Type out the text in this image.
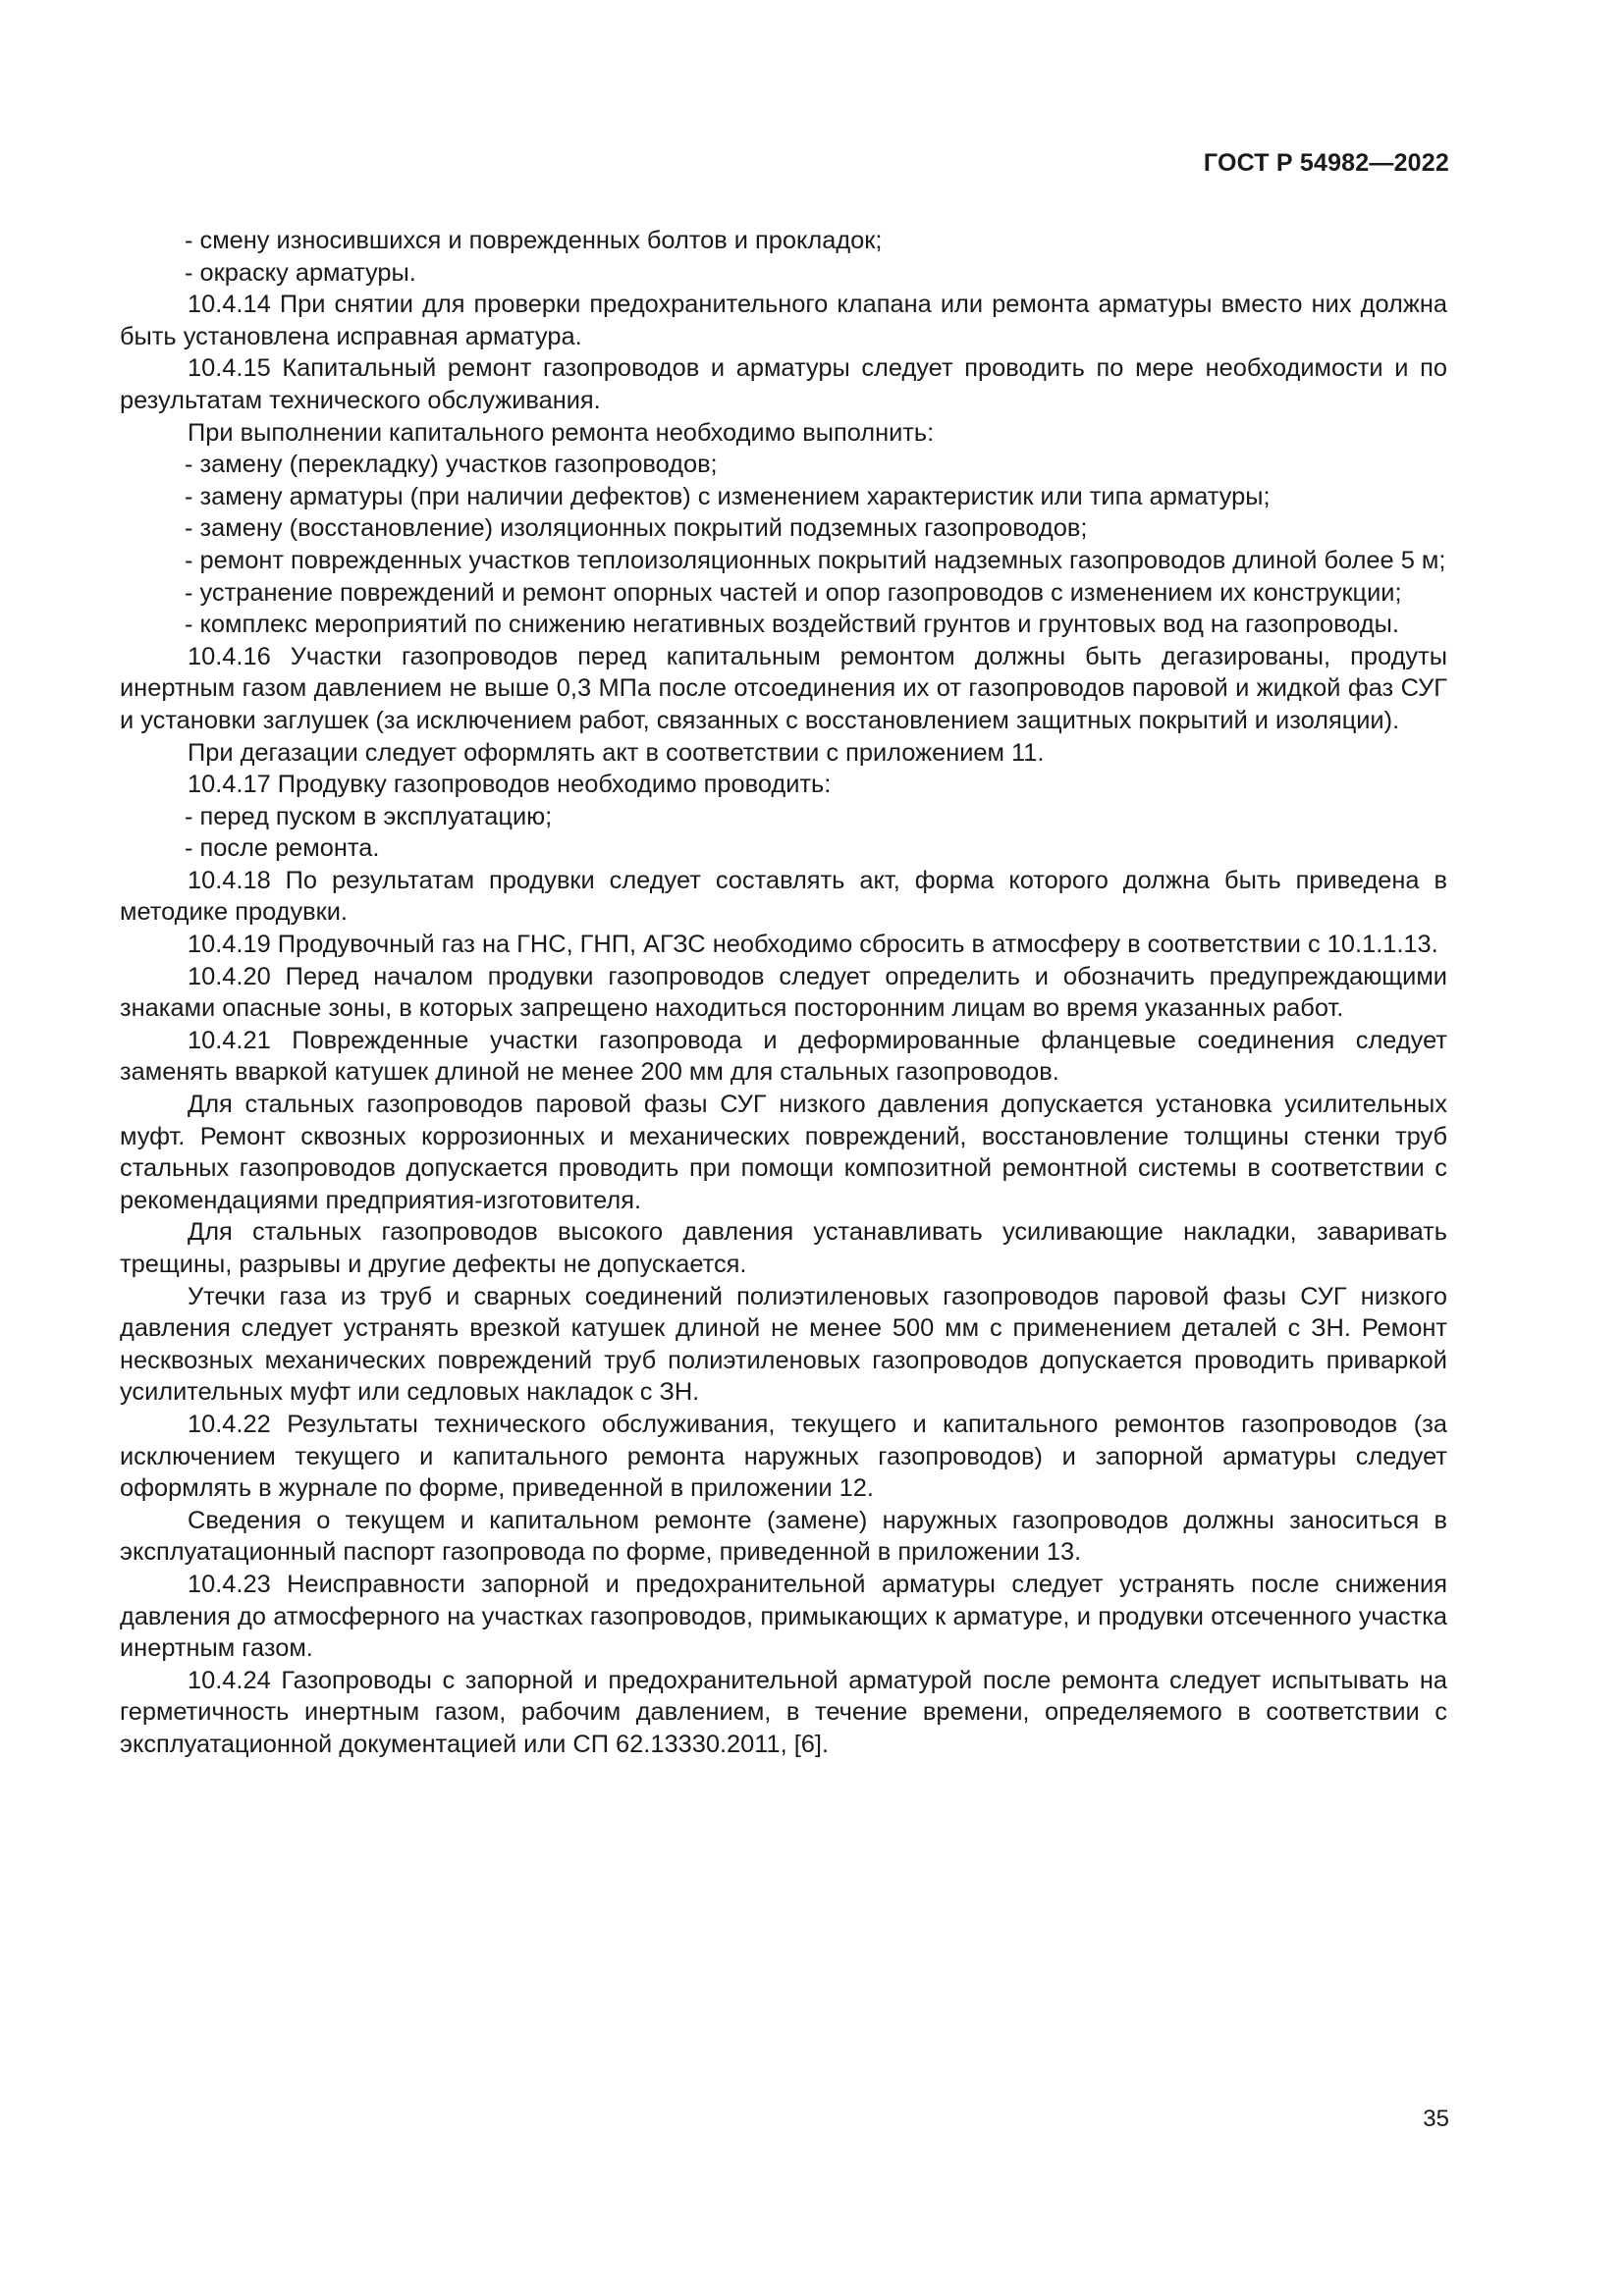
ГОСТ Р 54982—2022

- смену износившихся и поврежденных болтов и прокладок;

- окраску арматуры.

10.4.14 При снятии для проверки предохранительного клапана или ремонта арматуры вместо них должна быть установлена исправная арматура.

10.4.15 Капитальный ремонт газопроводов и арматуры следует проводить по мере необходимости и по результатам технического обслуживания.

При выполнении капитального ремонта необходимо выполнить:

- замену (перекладку) участков газопроводов;

- замену арматуры (при наличии дефектов) с изменением характеристик или типа арматуры;

- замену (восстановление) изоляционных покрытий подземных газопроводов;

- ремонт поврежденных участков теплоизоляционных покрытий надземных газопроводов длиной более 5 м;

- устранение повреждений и ремонт опорных частей и опор газопроводов с изменением их конструкции;

- комплекс мероприятий по снижению негативных воздействий грунтов и грунтовых вод на газопроводы.

10.4.16 Участки газопроводов перед капитальным ремонтом должны быть дегазированы, продуты инертным газом давлением не выше 0,3 МПа после отсоединения их от газопроводов паровой и жидкой фаз СУГ и установки заглушек (за исключением работ, связанных с восстановлением защитных покрытий и изоляции).

При дегазации следует оформлять акт в соответствии с приложением 11.

10.4.17 Продувку газопроводов необходимо проводить:

- перед пуском в эксплуатацию;

- после ремонта.

10.4.18 По результатам продувки следует составлять акт, форма которого должна быть приведена в методике продувки.

10.4.19 Продувочный газ на ГНС, ГНП, АГЗС необходимо сбросить в атмосферу в соответствии с 10.1.1.13.

10.4.20 Перед началом продувки газопроводов следует определить и обозначить предупреждающими знаками опасные зоны, в которых запрещено находиться посторонним лицам во время указанных работ.

10.4.21 Поврежденные участки газопровода и деформированные фланцевые соединения следует заменять вваркой катушек длиной не менее 200 мм для стальных газопроводов.

Для стальных газопроводов паровой фазы СУГ низкого давления допускается установка усилительных муфт. Ремонт сквозных коррозионных и механических повреждений, восстановление толщины стенки труб стальных газопроводов допускается проводить при помощи композитной ремонтной системы в соответствии с рекомендациями предприятия-изготовителя.

Для стальных газопроводов высокого давления устанавливать усиливающие накладки, заваривать трещины, разрывы и другие дефекты не допускается.

Утечки газа из труб и сварных соединений полиэтиленовых газопроводов паровой фазы СУГ низкого давления следует устранять врезкой катушек длиной не менее 500 мм с применением деталей с ЗН. Ремонт несквозных механических повреждений труб полиэтиленовых газопроводов допускается проводить приваркой усилительных муфт или седловых накладок с ЗН.

10.4.22 Результаты технического обслуживания, текущего и капитального ремонтов газопроводов (за исключением текущего и капитального ремонта наружных газопроводов) и запорной арматуры следует оформлять в журнале по форме, приведенной в приложении 12.

Сведения о текущем и капитальном ремонте (замене) наружных газопроводов должны заноситься в эксплуатационный паспорт газопровода по форме, приведенной в приложении 13.

10.4.23 Неисправности запорной и предохранительной арматуры следует устранять после снижения давления до атмосферного на участках газопроводов, примыкающих к арматуре, и продувки отсеченного участка инертным газом.

10.4.24 Газопроводы с запорной и предохранительной арматурой после ремонта следует испытывать на герметичность инертным газом, рабочим давлением, в течение времени, определяемого в соответствии с эксплуатационной документацией или СП 62.13330.2011, [6].

35
